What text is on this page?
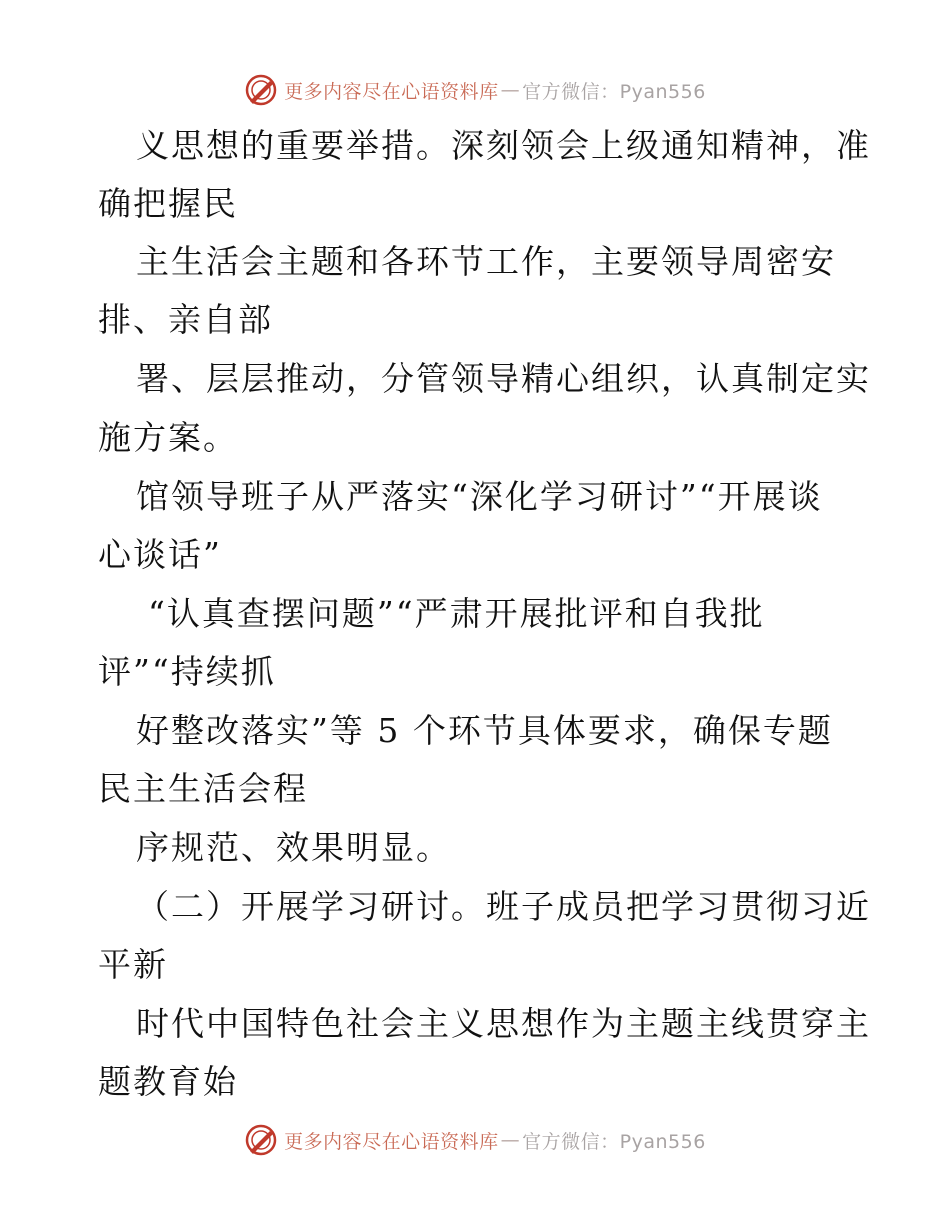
更多内容尽在心语资料库 — 官方微信：Pyan556
义思想的重要举措。深刻领会上级通知精神，准
确把握民
主生活会主题和各环节工作，主要领导周密安
排、亲自部
署、层层推动，分管领导精心组织，认真制定实
施方案。
馆领导班子从严落实“深化学习研讨”“开展谈
心谈话”
“认真查摆问题”“严肃开展批评和自我批
评”“持续抓
好整改落实”等 5 个环节具体要求，确保专题
民主生活会程
序规范、效果明显。
（二）开展学习研讨。班子成员把学习贯彻习近
平新
时代中国特色社会主义思想作为主题主线贯穿主
题教育始
更多内容尽在心语资料库 — 官方微信：Pyan556
